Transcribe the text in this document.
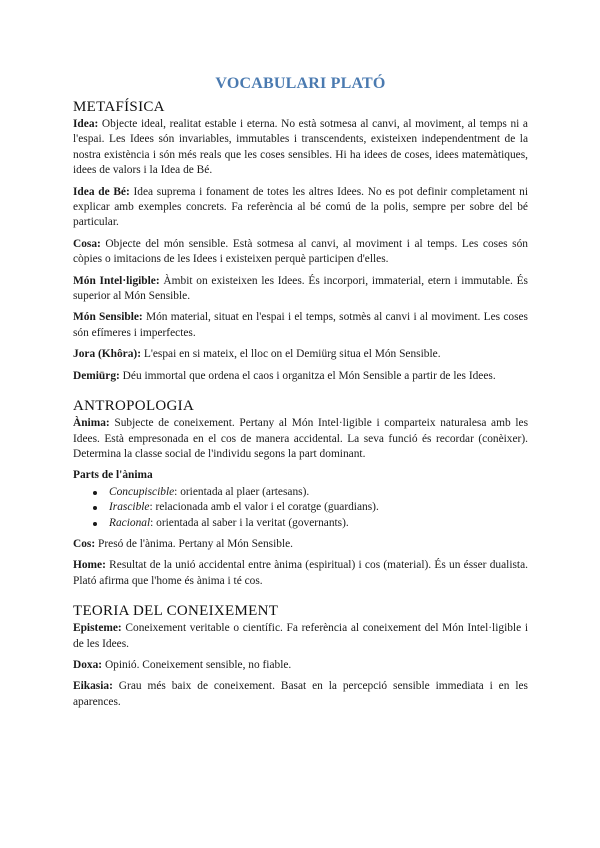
VOCABULARI PLATÓ
METAFÍSICA

Idea: Objecte ideal, realitat estable i eterna. No està sotmesa al canvi, al moviment, al temps ni a l'espai. Les Idees són invariables, immutables i transcendents, existeixen independentment de la nostra existència i són més reals que les coses sensibles. Hi ha idees de coses, idees matemàtiques, idees de valors i la Idea de Bé.

Idea de Bé: Idea suprema i fonament de totes les altres Idees. No es pot definir completament ni explicar amb exemples concrets. Fa referència al bé comú de la polis, sempre per sobre del bé particular.

Cosa: Objecte del món sensible. Està sotmesa al canvi, al moviment i al temps. Les coses són còpies o imitacions de les Idees i existeixen perquè participen d'elles.

Món Intel·ligible: Àmbit on existeixen les Idees. És incorpori, immaterial, etern i immutable. És superior al Món Sensible.

Món Sensible: Món material, situat en l'espai i el temps, sotmès al canvi i al moviment. Les coses són efímeres i imperfectes.

Jora (Khôra): L'espai en si mateix, el lloc on el Demiürg situa el Món Sensible.

Demiürg: Déu immortal que ordena el caos i organitza el Món Sensible a partir de les Idees.

ANTROPOLOGIA

Ànima: Subjecte de coneixement. Pertany al Món Intel·ligible i comparteix naturalesa amb les Idees. Està empresonada en el cos de manera accidental. La seva funció és recordar (conèixer). Determina la classe social de l'individu segons la part dominant.

Parts de l'ànima
Concupiscible: orientada al plaer (artesans).
Irascible: relacionada amb el valor i el coratge (guardians).
Racional: orientada al saber i la veritat (governants).

Cos: Presó de l'ànima. Pertany al Món Sensible.

Home: Resultat de la unió accidental entre ànima (espiritual) i cos (material). És un ésser dualista. Plató afirma que l'home és ànima i té cos.

TEORIA DEL CONEIXEMENT

Episteme: Coneixement veritable o científic. Fa referència al coneixement del Món Intel·ligible i de les Idees.

Doxa: Opinió. Coneixement sensible, no fiable.

Eikasia: Grau més baix de coneixement. Basat en la percepció sensible immediata i en les aparences.
